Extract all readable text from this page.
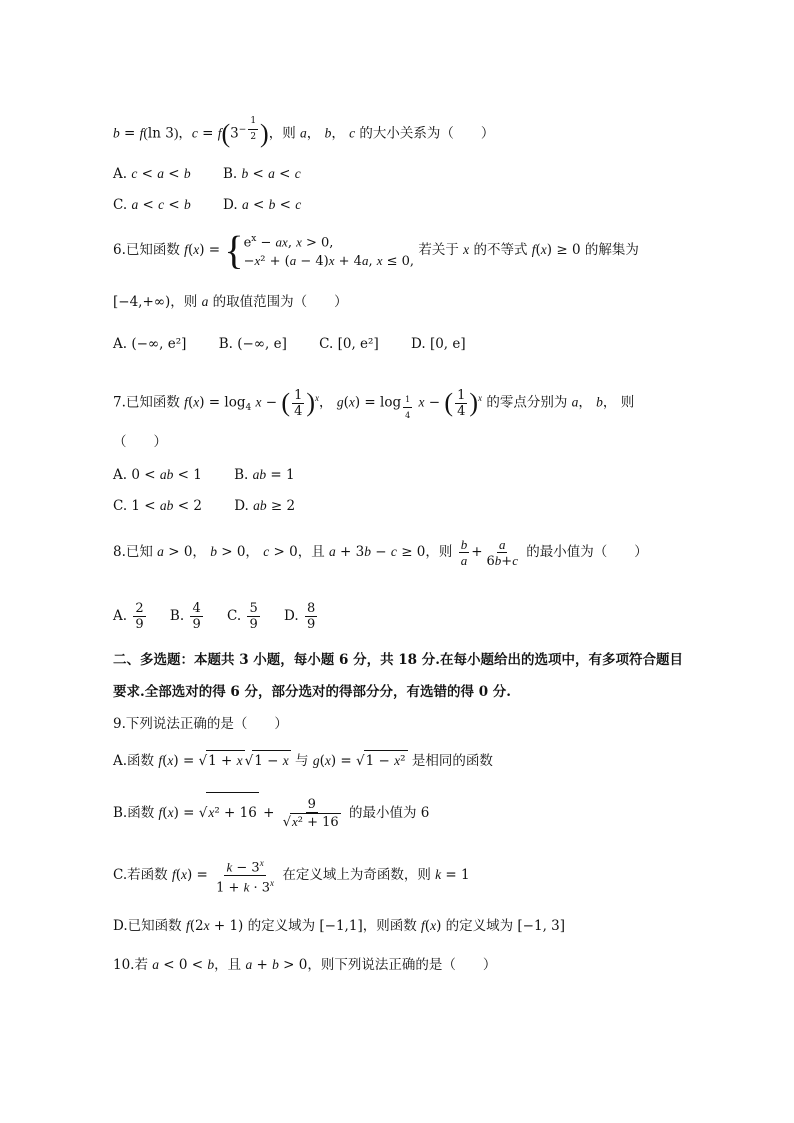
b = f(ln 3)，$c = f(3^{- \frac{1}{2}}$ )，则 a， b， c 的大小关系为（　　）
A. c < a < b B. b < a < c
C. a < c < b D. a < b < c
6.已知函数 f(x) = { $e^x$ − ax, x > 0,
−x² + (a − 4)x + 4a, x ≤ 0,
若关于 x 的不等式 f(x) ≥ 0 的解集为
[−4,+∞)，则 a 的取值范围为（　　）
A. (−∞, e²] B. (−∞, e] C. [0, e²] D. [0, e]
7.已知函数 $f(x) = \log_4 x$ − ( $\frac{1}{4} )^x$， g(x) = log $_{\frac{1}{4}}$ x − ( $\frac{1}{4} )^x$ 的零点分别为 a， b， 则
（　　）
A. 0 < ab < 1 B. ab = 1
C. 1 < ab < 2 D. ab ≥ 2
8.已知 a > 0， b > 0， c > 0，且 a + 3b − c ≥ 0，则 $\frac{b}{a} + \frac{a}{6b+c}$ 的最小值为（　　）
A. $\frac{2}{9} B$. $\frac{4}{9} C$. $\frac{5}{9} D$. $\frac{8}{9}$
二、多选题：本题共 3 小题，每小题 6 分，共 18 分.在每小题给出的选项中，有多项符合题目
要求.全部选对的得 6 分，部分选对的得部分分，有选错的得 0 分.
9.下列说法正确的是（　　）
A.函数 f(x) = √1 + x √1 − x 与 g(x) = √1 − x² 是相同的函数
B.函数 $f(x) = √x^2 + 16 + \frac{9}{\text{√x² + 16}}$ 的最小值为 6
C.若函数 $f(x) = \frac{k - 3^x}{1 + k \cdot 3^x}$ 在定义域上为奇函数，则 k = 1
D.已知函数 f(2x + 1) 的定义域为 [−1,1]，则函数 f(x) 的定义域为 [−1, 3]
10.若 a < 0 < b，且 a + b > 0，则下列说法正确的是（　　）
